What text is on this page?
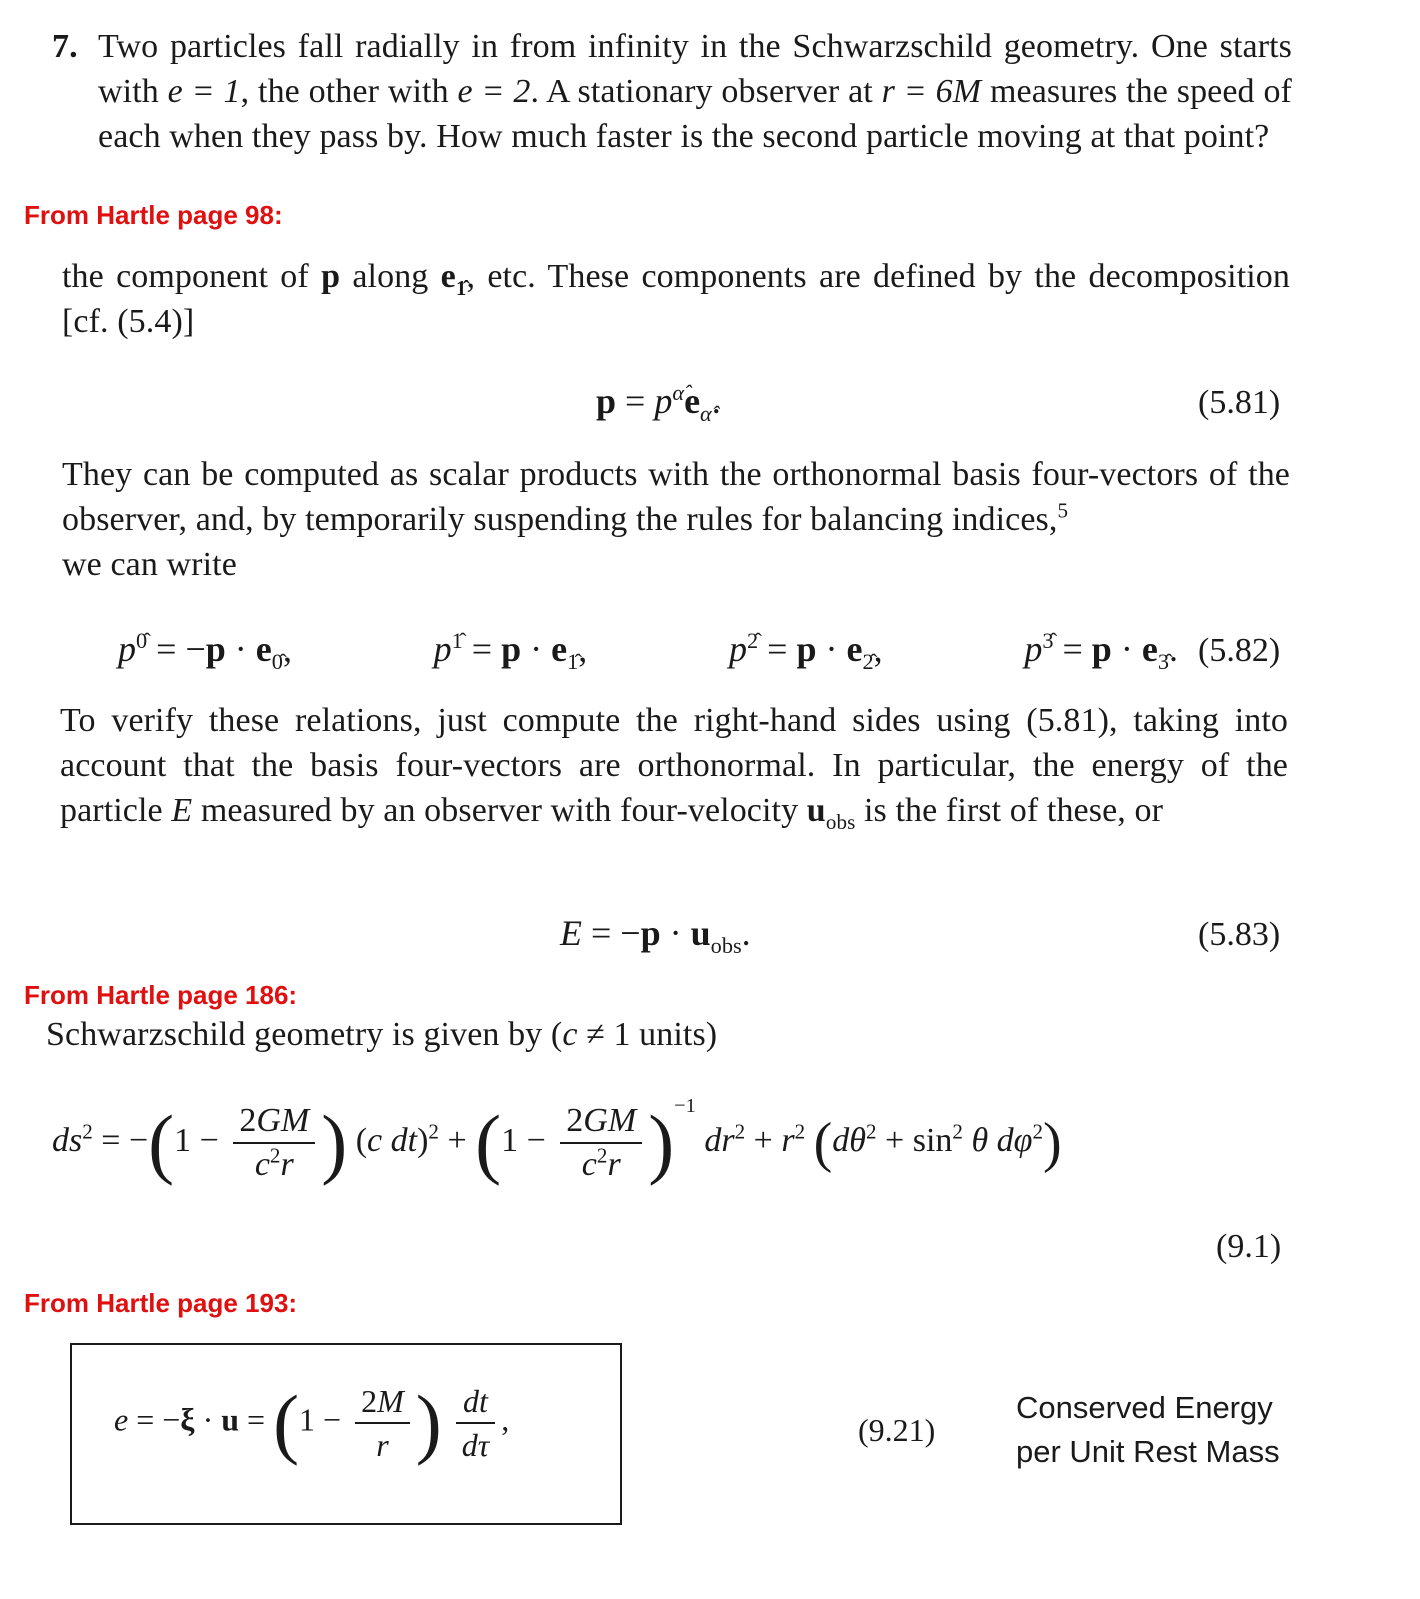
7. Two particles fall radially in from infinity in the Schwarzschild geometry. One starts with e = 1, the other with e = 2. A stationary observer at r = 6M measures the speed of each when they pass by. How much faster is the second particle moving at that point?
From Hartle page 98:
the component of p along $e_{1̂}$, etc. These components are defined by the decomposition [cf. (5.4)]
$p = p^{\alphâ}e_{\alphâ}$.	(5.81)
They can be computed as scalar products with the orthonormal basis four-vectors of the observer, and, by temporarily suspending the rules for balancing indices,$^5$
we can write
$p^{0̂} = -p \cdot e_{0̂}$,	$p^{1̂} = p \cdot e_{1̂}$,	$p^{2̂} = p \cdot e_{2̂}$,	$p^{3̂} = p \cdot e_{3̂}$. (5.82)
To verify these relations, just compute the right-hand sides using (5.81), taking into account that the basis four-vectors are orthonormal. In particular, the energy of the particle E measured by an observer with four-velocity $u_{obs}$ is the first of these, or
$E = -p \cdot u_{obs}$.	(5.83)
From Hartle page 186:
Schwarzschild geometry is given by (c ≠ 1 units)
$ds^2 = -(1 - \frac{2GM}{c^2r}$ ) (c $dt)^2 + (1 - \frac{2GM}{c^2r} )^{-1}$ $dr^2 + r^2$ ($d\theta^2 + \sin^2 \theta$ $d\varphi^2$)
(9.1)
From Hartle page 193:
$e = -\xi \cdot u = (1 - \frac{2M}{r}$ ) $\frac{dt}{d\tau}$ ,	(9.21)
Conserved Energy
per Unit Rest Mass
